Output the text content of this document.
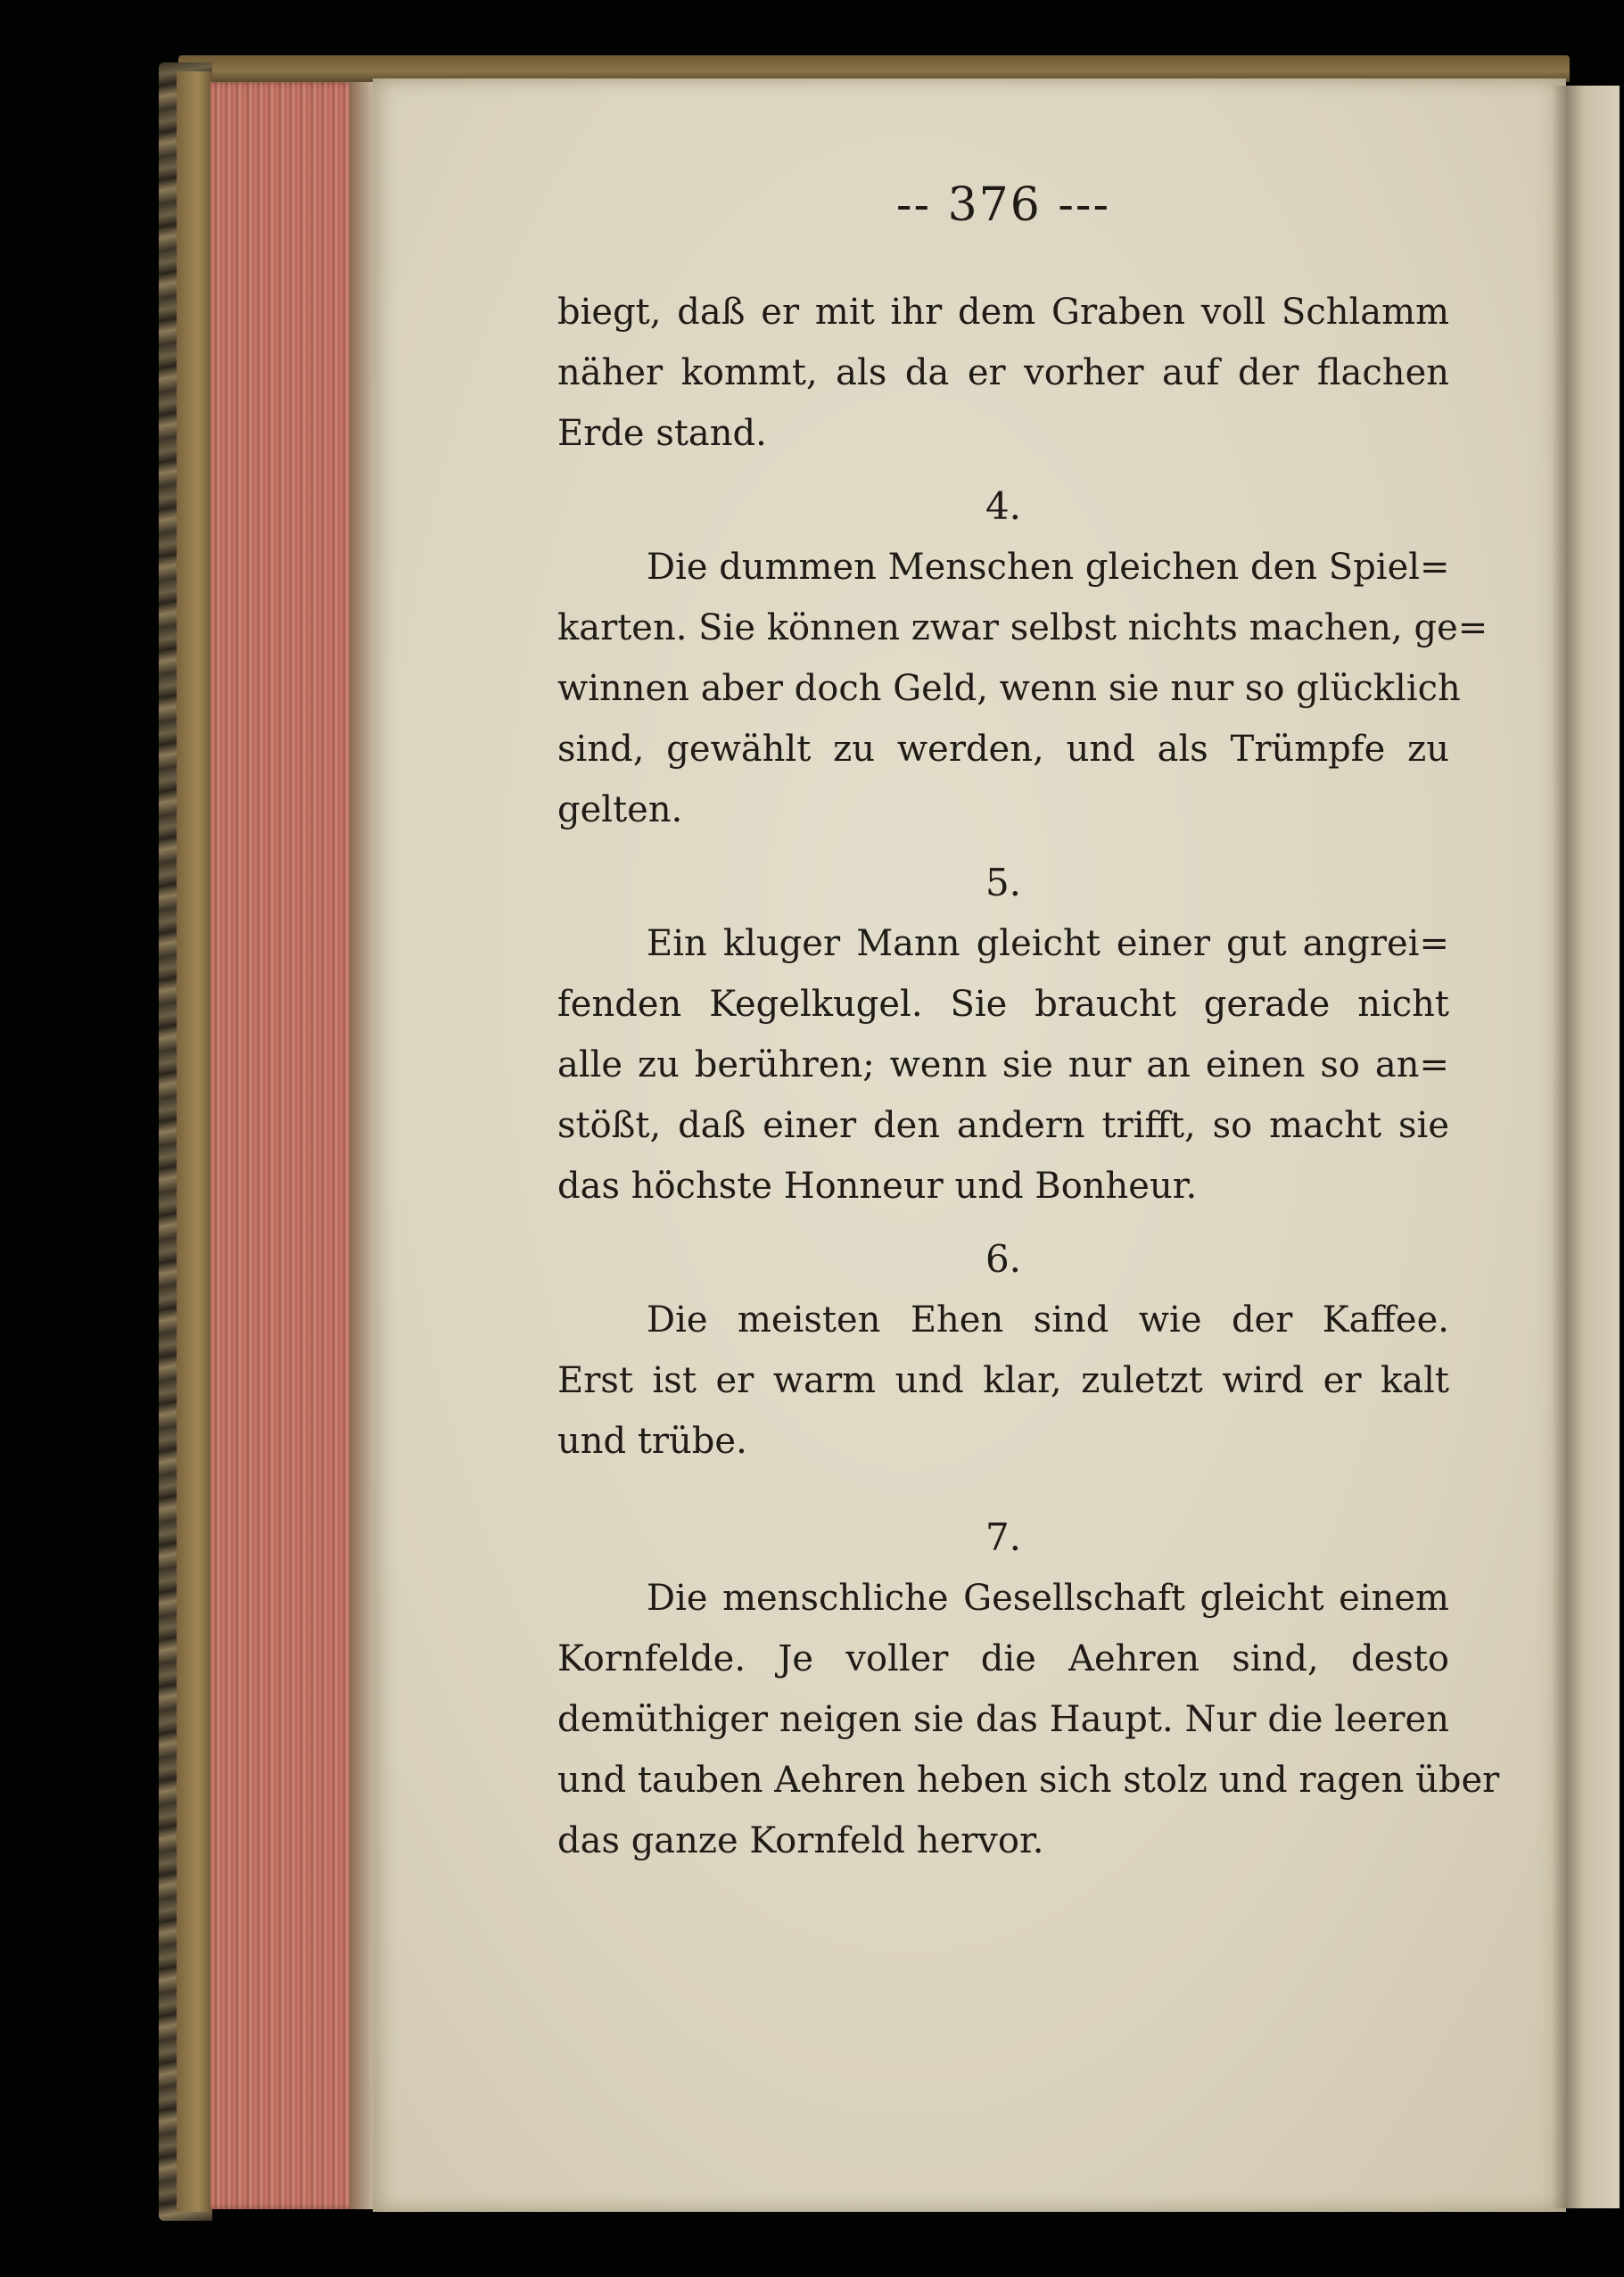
-- 376 ---
biegt, daß er mit ihr dem Graben voll Schlamm
näher kommt, als da er vorher auf der flachen
Erde stand.
4.
Die dummen Menschen gleichen den Spiel=
karten. Sie können zwar selbst nichts machen, ge=
winnen aber doch Geld, wenn sie nur so glücklich
sind, gewählt zu werden, und als Trümpfe zu
gelten.
5.
Ein kluger Mann gleicht einer gut angrei=
fenden Kegelkugel. Sie braucht gerade nicht
alle zu berühren; wenn sie nur an einen so an=
stößt, daß einer den andern trifft, so macht sie
das höchste Honneur und Bonheur.
6.
Die meisten Ehen sind wie der Kaffee.
Erst ist er warm und klar, zuletzt wird er kalt
und trübe.
7.
Die menschliche Gesellschaft gleicht einem
Kornfelde. Je voller die Aehren sind, desto
demüthiger neigen sie das Haupt. Nur die leeren
und tauben Aehren heben sich stolz und ragen über
das ganze Kornfeld hervor.
